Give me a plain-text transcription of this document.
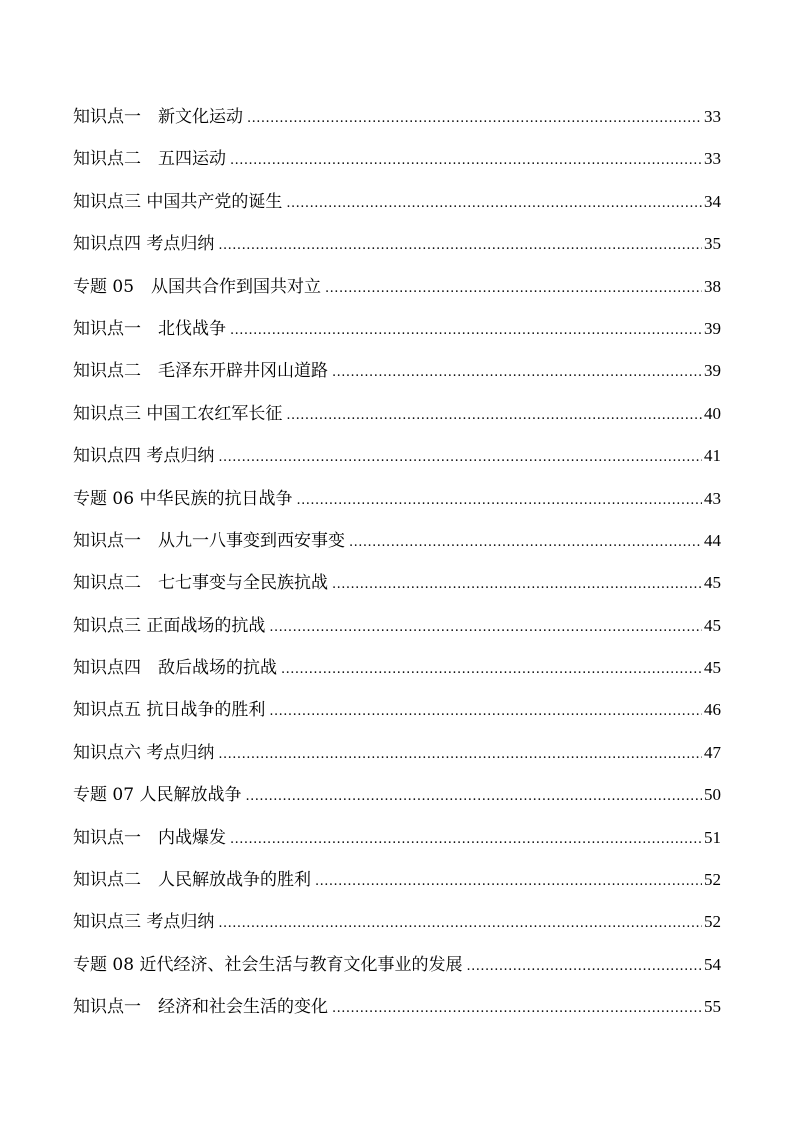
知识点一　新文化运动 .....	33
知识点二　五四运动 .....	33
知识点三 中国共产党的诞生 .....	34
知识点四 考点归纳 .....	35
专题 05　从国共合作到国共对立 .....	38
知识点一　北伐战争 .....	39
知识点二　毛泽东开辟井冈山道路 .....	39
知识点三 中国工农红军长征 .....	40
知识点四 考点归纳 .....	41
专题 06 中华民族的抗日战争 .....	43
知识点一　从九一八事变到西安事变 .....	44
知识点二　七七事变与全民族抗战 .....	45
知识点三 正面战场的抗战 .....	45
知识点四　敌后战场的抗战 .....	45
知识点五 抗日战争的胜利 .....	46
知识点六 考点归纳 .....	47
专题 07 人民解放战争 .....	50
知识点一　内战爆发 .....	51
知识点二　人民解放战争的胜利 .....	52
知识点三 考点归纳 .....	52
专题 08 近代经济、社会生活与教育文化事业的发展 .....	54
知识点一　经济和社会生活的变化 .....	55
